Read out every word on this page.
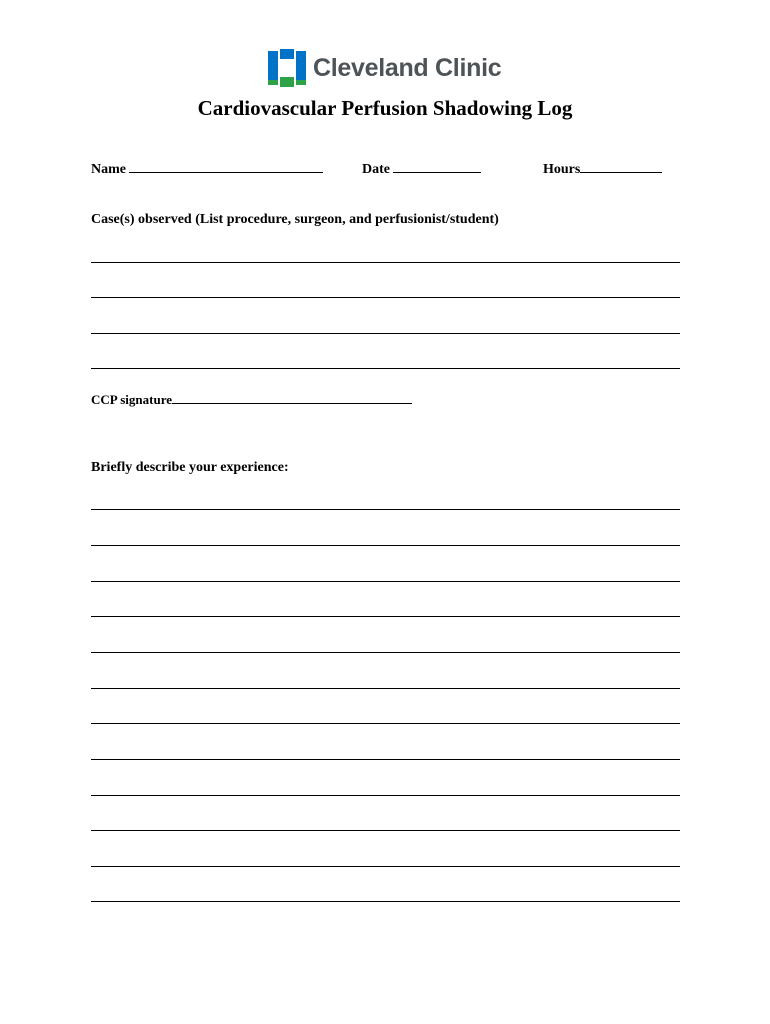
Cleveland Clinic
Cardiovascular Perfusion Shadowing Log
Name	Date	Hours
Case(s) observed (List procedure, surgeon, and perfusionist/student)
CCP signature
Briefly describe your experience:
